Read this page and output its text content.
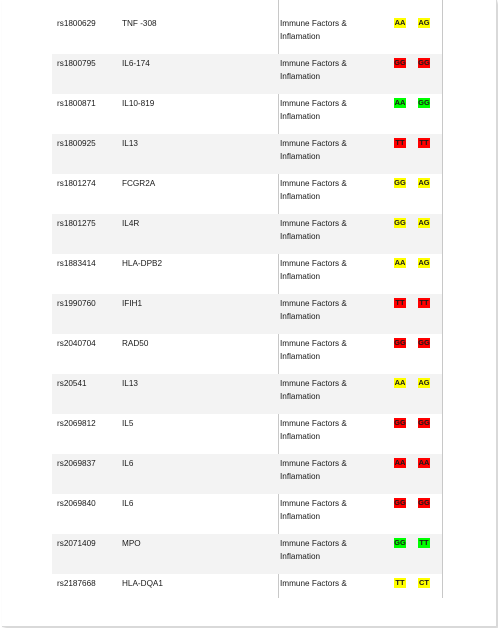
rs1800629	TNF -308	Immune Factors &
Inflamation
AA AG
rs1800795	IL6-174	Immune Factors &
Inflamation
GG GG
rs1800871	IL10-819	Immune Factors &
Inflamation
AA GG
rs1800925	IL13	Immune Factors &
Inflamation
TT TT
rs1801274	FCGR2A	Immune Factors &
Inflamation
GG AG
rs1801275	IL4R	Immune Factors &
Inflamation
GG AG
rs1883414	HLA-DPB2	Immune Factors &
Inflamation
AA AG
rs1990760	IFIH1	Immune Factors &
Inflamation
TT TT
rs2040704	RAD50	Immune Factors &
Inflamation
GG GG
rs20541	IL13	Immune Factors &
Inflamation
AA AG
rs2069812	IL5	Immune Factors &
Inflamation
GG GG
rs2069837	IL6	Immune Factors &
Inflamation
AA AA
rs2069840	IL6	Immune Factors &
Inflamation
GG GG
rs2071409	MPO	Immune Factors &
Inflamation
GG TT
rs2187668	HLA-DQA1	Immune Factors &	TT CT
